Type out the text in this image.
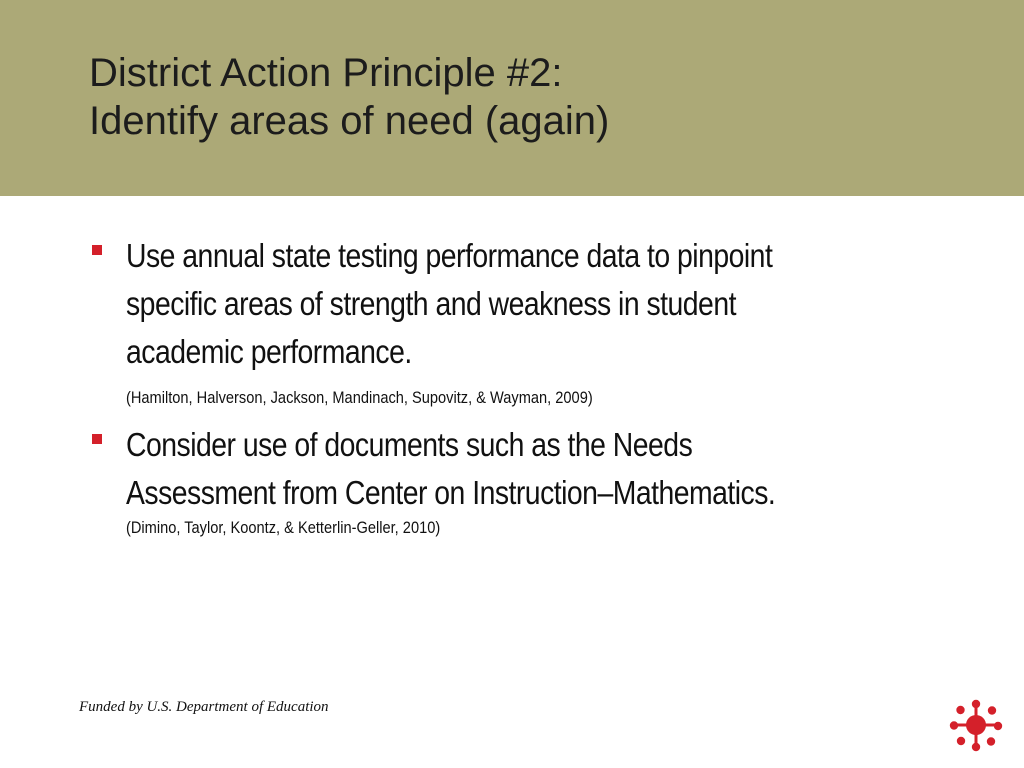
District Action Principle #2:
Identify areas of need (again)
Use annual state testing performance data to pinpoint
specific areas of strength and weakness in student
academic performance.
(Hamilton, Halverson, Jackson, Mandinach, Supovitz, & Wayman, 2009)
Consider use of documents such as the Needs
Assessment from Center on Instruction–Mathematics.
(Dimino, Taylor, Koontz, & Ketterlin-Geller, 2010)
Funded by U.S. Department of Education
